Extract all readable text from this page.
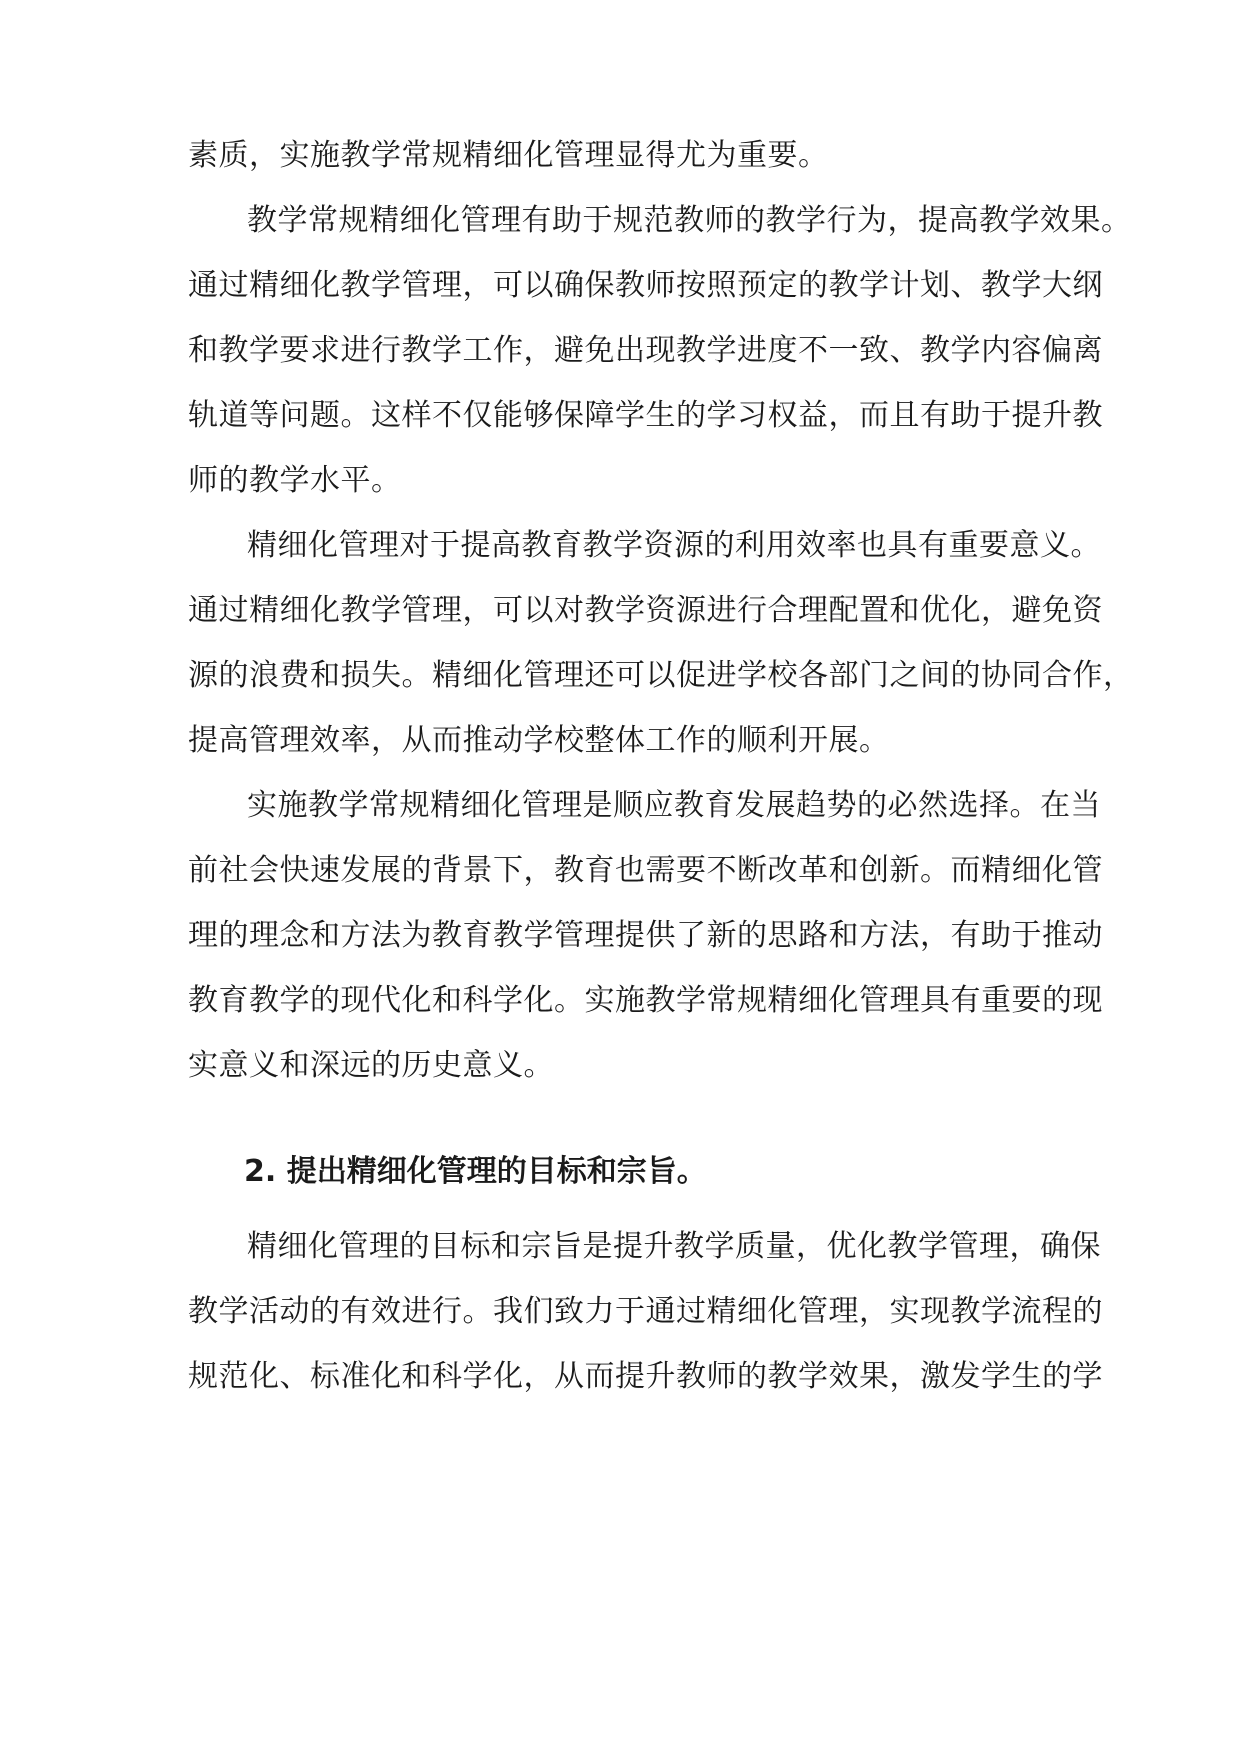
素质，实施教学常规精细化管理显得尤为重要。
教学常规精细化管理有助于规范教师的教学行为，提高教学效果。
通过精细化教学管理，可以确保教师按照预定的教学计划、教学大纲
和教学要求进行教学工作，避免出现教学进度不一致、教学内容偏离
轨道等问题。这样不仅能够保障学生的学习权益，而且有助于提升教
师的教学水平。
精细化管理对于提高教育教学资源的利用效率也具有重要意义。
通过精细化教学管理，可以对教学资源进行合理配置和优化，避免资
源的浪费和损失。精细化管理还可以促进学校各部门之间的协同合作，
提高管理效率，从而推动学校整体工作的顺利开展。
实施教学常规精细化管理是顺应教育发展趋势的必然选择。在当
前社会快速发展的背景下，教育也需要不断改革和创新。而精细化管
理的理念和方法为教育教学管理提供了新的思路和方法，有助于推动
教育教学的现代化和科学化。实施教学常规精细化管理具有重要的现
实意义和深远的历史意义。
2. 提出精细化管理的目标和宗旨。
精细化管理的目标和宗旨是提升教学质量，优化教学管理，确保
教学活动的有效进行。我们致力于通过精细化管理，实现教学流程的
规范化、标准化和科学化，从而提升教师的教学效果，激发学生的学
